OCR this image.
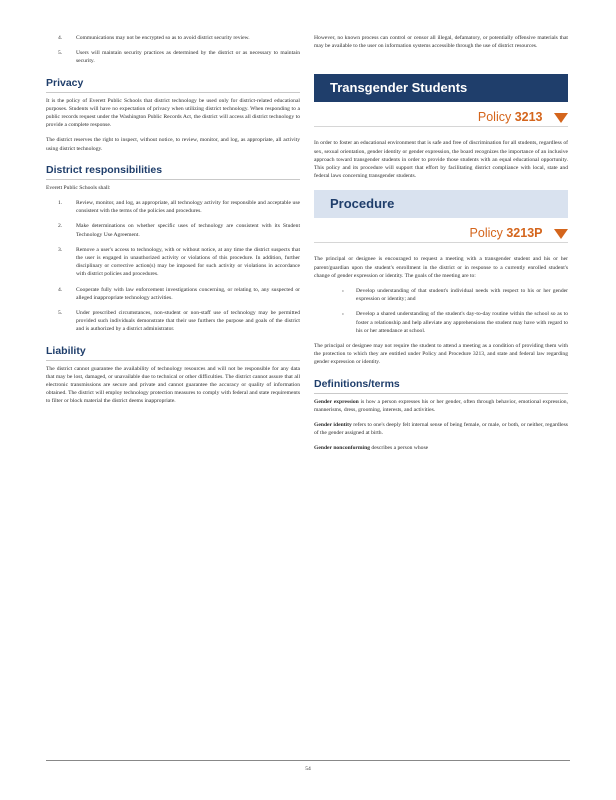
4. Communications may not be encrypted so as to avoid district security review.
5. Users will maintain security practices as determined by the district or as necessary to maintain security.
Privacy

It is the policy of Everett Public Schools that district technology be used only for district-related educational purposes. Students will have no expectation of privacy when utilizing district technology. When responding to a public records request under the Washington Public Records Act, the district will access all district technology to provide a complete response.

The district reserves the right to inspect, without notice, to review, monitor, and log, as appropriate, all activity using district technology.

District responsibilities

Everett Public Schools shall:

1. Review, monitor, and log, as appropriate, all technology activity for responsible and acceptable use consistent with the terms of the policies and procedures.
2. Make determinations on whether specific uses of technology are consistent with its Student Technology Use Agreement.
3. Remove a user's access to technology, with or without notice, at any time the district suspects that the user is engaged in unauthorized activity or violations of this procedure. In addition, further disciplinary or corrective action(s) may be imposed for such activity or violations in accordance with district policies and procedures.
4. Cooperate fully with law enforcement investigations concerning, or relating to, any suspected or alleged inappropriate technology activities.
5. Under prescribed circumstances, non-student or non-staff use of technology may be permitted provided such individuals demonstrate that their use furthers the purpose and goals of the district and is authorized by a district administrator.
Liability

The district cannot guarantee the availability of technology resources and will not be responsible for any data that may be lost, damaged, or unavailable due to technical or other difficulties. The district cannot assure that all electronic transmissions are secure and private and cannot guarantee the accuracy or quality of information obtained. The district will employ technology protection measures to comply with federal and state requirements to filter or block material the district deems inappropriate.

However, no known process can control or censor all illegal, defamatory, or potentially offensive materials that may be available to the user on information systems accessible through the use of district resources.

Transgender Students
Policy 3213

In order to foster an educational environment that is safe and free of discrimination for all students, regardless of sex, sexual orientation, gender identity or gender expression, the board recognizes the importance of an inclusive approach toward transgender students in order to provide those students with an equal educational opportunity. This policy and its procedure will support that effort by facilitating district compliance with local, state and federal laws concerning transgender students.

Procedure
Policy 3213P

The principal or designee is encouraged to request a meeting with a transgender student and his or her parent/guardian upon the student's enrollment in the district or in response to a currently enrolled student's change of gender expression or identity. The goals of the meeting are to:

› Develop understanding of that student's individual needs with respect to his or her gender expression or identity; and
› Develop a shared understanding of the student's day-to-day routine within the school so as to foster a relationship and help alleviate any apprehensions the student may have with regard to his or her attendance at school.

The principal or designee may not require the student to attend a meeting as a condition of providing them with the protection to which they are entitled under Policy and Procedure 3213, and state and federal law regarding gender expression or identity.

Definitions/terms

Gender expression is how a person expresses his or her gender, often through behavior, emotional expression, mannerisms, dress, grooming, interests, and activities.

Gender identity refers to one's deeply felt internal sense of being female, or male, or both, or neither, regardless of the gender assigned at birth.

Gender nonconforming describes a person whose

54
